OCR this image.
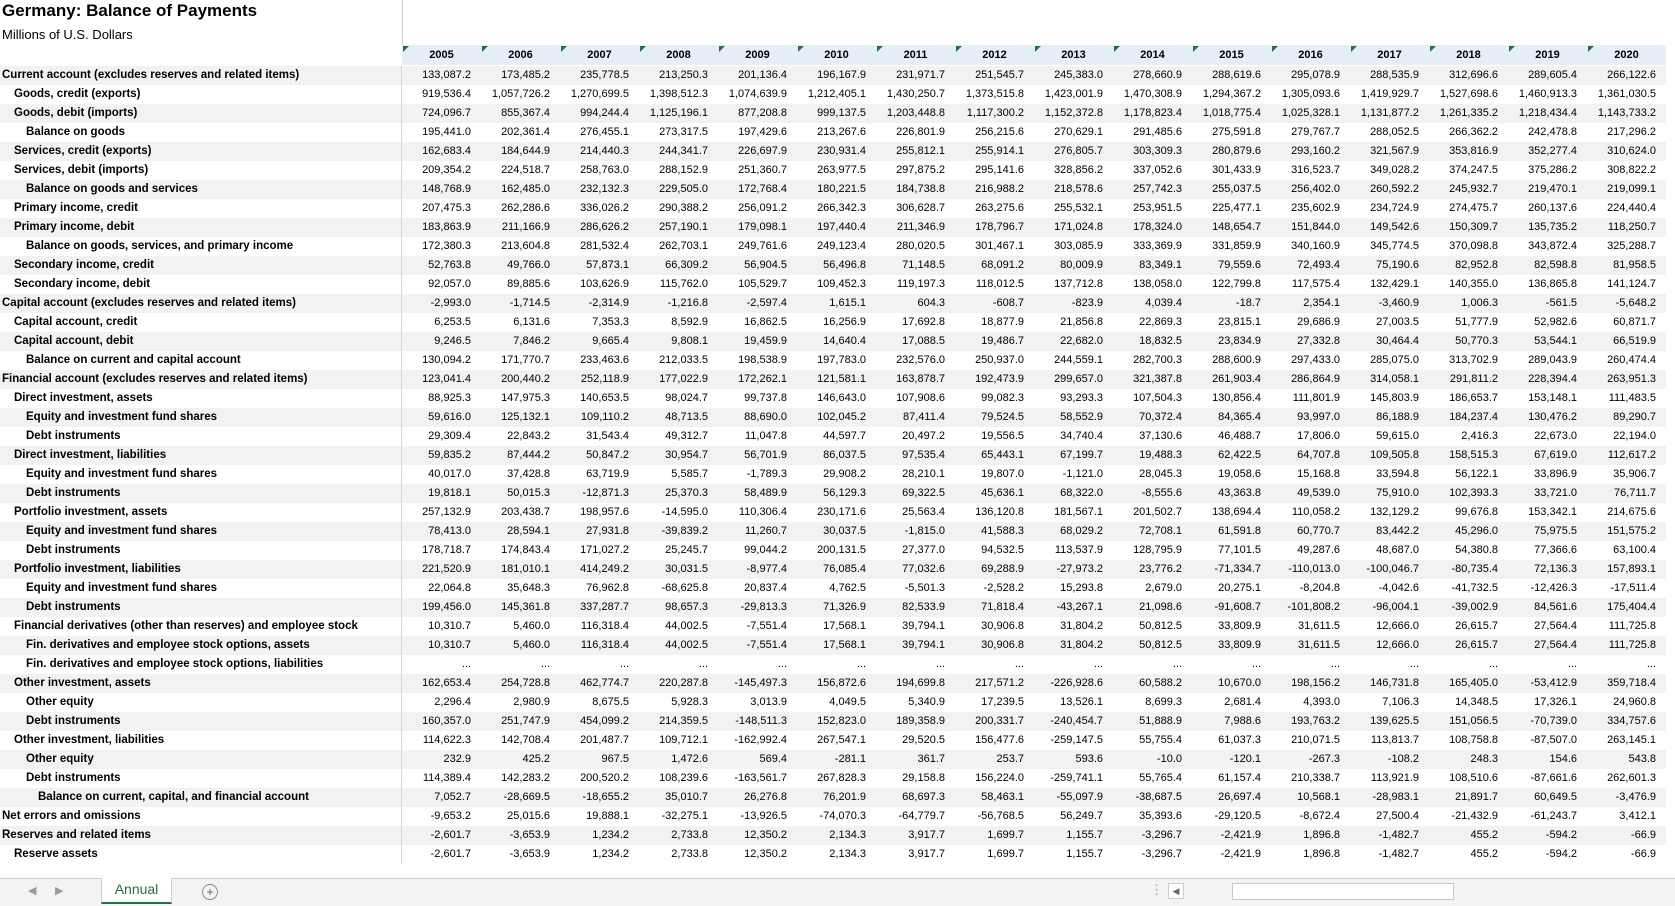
Germany: Balance of Payments
Millions of U.S. Dollars
2005	2006	2007	2008	2009	2010	2011	2012	2013	2014	2015	2016	2017	2018	2019	2020
Current account (excludes reserves and related items)	133,087.2	173,485.2	235,778.5	213,250.3	201,136.4	196,167.9	231,971.7	251,545.7	245,383.0	278,660.9	288,619.6	295,078.9	288,535.9	312,696.6	289,605.4	266,122.6
Goods, credit (exports)	919,536.4	1,057,726.2	1,270,699.5	1,398,512.3	1,074,639.9	1,212,405.1	1,430,250.7	1,373,515.8	1,423,001.9	1,470,308.9	1,294,367.2	1,305,093.6	1,419,929.7	1,527,698.6	1,460,913.3	1,361,030.5
Goods, debit (imports)	724,096.7	855,367.4	994,244.4	1,125,196.1	877,208.8	999,137.5	1,203,448.8	1,117,300.2	1,152,372.8	1,178,823.4	1,018,775.4	1,025,328.1	1,131,877.2	1,261,335.2	1,218,434.4	1,143,733.2
Balance on goods	195,441.0	202,361.4	276,455.1	273,317.5	197,429.6	213,267.6	226,801.9	256,215.6	270,629.1	291,485.6	275,591.8	279,767.7	288,052.5	266,362.2	242,478.8	217,296.2
Services, credit (exports)	162,683.4	184,644.9	214,440.3	244,341.7	226,697.9	230,931.4	255,812.1	255,914.1	276,805.7	303,309.3	280,879.6	293,160.2	321,567.9	353,816.9	352,277.4	310,624.0
Services, debit (imports)	209,354.2	224,518.7	258,763.0	288,152.9	251,360.7	263,977.5	297,875.2	295,141.6	328,856.2	337,052.6	301,433.9	316,523.7	349,028.2	374,247.5	375,286.2	308,822.2
Balance on goods and services	148,768.9	162,485.0	232,132.3	229,505.0	172,768.4	180,221.5	184,738.8	216,988.2	218,578.6	257,742.3	255,037.5	256,402.0	260,592.2	245,932.7	219,470.1	219,099.1
Primary income, credit	207,475.3	262,286.6	336,026.2	290,388.2	256,091.2	266,342.3	306,628.7	263,275.6	255,532.1	253,951.5	225,477.1	235,602.9	234,724.9	274,475.7	260,137.6	224,440.4
Primary income, debit	183,863.9	211,166.9	286,626.2	257,190.1	179,098.1	197,440.4	211,346.9	178,796.7	171,024.8	178,324.0	148,654.7	151,844.0	149,542.6	150,309.7	135,735.2	118,250.7
Balance on goods, services, and primary income	172,380.3	213,604.8	281,532.4	262,703.1	249,761.6	249,123.4	280,020.5	301,467.1	303,085.9	333,369.9	331,859.9	340,160.9	345,774.5	370,098.8	343,872.4	325,288.7
Secondary income, credit	52,763.8	49,766.0	57,873.1	66,309.2	56,904.5	56,496.8	71,148.5	68,091.2	80,009.9	83,349.1	79,559.6	72,493.4	75,190.6	82,952.8	82,598.8	81,958.5
Secondary income, debit	92,057.0	89,885.6	103,626.9	115,762.0	105,529.7	109,452.3	119,197.3	118,012.5	137,712.8	138,058.0	122,799.8	117,575.4	132,429.1	140,355.0	136,865.8	141,124.7
Capital account (excludes reserves and related items)	-2,993.0	-1,714.5	-2,314.9	-1,216.8	-2,597.4	1,615.1	604.3	-608.7	-823.9	4,039.4	-18.7	2,354.1	-3,460.9	1,006.3	-561.5	-5,648.2
Capital account, credit	6,253.5	6,131.6	7,353.3	8,592.9	16,862.5	16,256.9	17,692.8	18,877.9	21,856.8	22,869.3	23,815.1	29,686.9	27,003.5	51,777.9	52,982.6	60,871.7
Capital account, debit	9,246.5	7,846.2	9,665.4	9,808.1	19,459.9	14,640.4	17,088.5	19,486.7	22,682.0	18,832.5	23,834.9	27,332.8	30,464.4	50,770.3	53,544.1	66,519.9
Balance on current and capital account	130,094.2	171,770.7	233,463.6	212,033.5	198,538.9	197,783.0	232,576.0	250,937.0	244,559.1	282,700.3	288,600.9	297,433.0	285,075.0	313,702.9	289,043.9	260,474.4
Financial account (excludes reserves and related items)	123,041.4	200,440.2	252,118.9	177,022.9	172,262.1	121,581.1	163,878.7	192,473.9	299,657.0	321,387.8	261,903.4	286,864.9	314,058.1	291,811.2	228,394.4	263,951.3
Direct investment, assets	88,925.3	147,975.3	140,653.5	98,024.7	99,737.8	146,643.0	107,908.6	99,082.3	93,293.3	107,504.3	130,856.4	111,801.9	145,803.9	186,653.7	153,148.1	111,483.5
Equity and investment fund shares	59,616.0	125,132.1	109,110.2	48,713.5	88,690.0	102,045.2	87,411.4	79,524.5	58,552.9	70,372.4	84,365.4	93,997.0	86,188.9	184,237.4	130,476.2	89,290.7
Debt instruments	29,309.4	22,843.2	31,543.4	49,312.7	11,047.8	44,597.7	20,497.2	19,556.5	34,740.4	37,130.6	46,488.7	17,806.0	59,615.0	2,416.3	22,673.0	22,194.0
Direct investment, liabilities	59,835.2	87,444.2	50,847.2	30,954.7	56,701.9	86,037.5	97,535.4	65,443.1	67,199.7	19,488.3	62,422.5	64,707.8	109,505.8	158,515.3	67,619.0	112,617.2
Equity and investment fund shares	40,017.0	37,428.8	63,719.9	5,585.7	-1,789.3	29,908.2	28,210.1	19,807.0	-1,121.0	28,045.3	19,058.6	15,168.8	33,594.8	56,122.1	33,896.9	35,906.7
Debt instruments	19,818.1	50,015.3	-12,871.3	25,370.3	58,489.9	56,129.3	69,322.5	45,636.1	68,322.0	-8,555.6	43,363.8	49,539.0	75,910.0	102,393.3	33,721.0	76,711.7
Portfolio investment, assets	257,132.9	203,438.7	198,957.6	-14,595.0	110,306.4	230,171.6	25,563.4	136,120.8	181,567.1	201,502.7	138,694.4	110,058.2	132,129.2	99,676.8	153,342.1	214,675.6
Equity and investment fund shares	78,413.0	28,594.1	27,931.8	-39,839.2	11,260.7	30,037.5	-1,815.0	41,588.3	68,029.2	72,708.1	61,591.8	60,770.7	83,442.2	45,296.0	75,975.5	151,575.2
Debt instruments	178,718.7	174,843.4	171,027.2	25,245.7	99,044.2	200,131.5	27,377.0	94,532.5	113,537.9	128,795.9	77,101.5	49,287.6	48,687.0	54,380.8	77,366.6	63,100.4
Portfolio investment, liabilities	221,520.9	181,010.1	414,249.2	30,031.5	-8,977.4	76,085.4	77,032.6	69,288.9	-27,973.2	23,776.2	-71,334.7	-110,013.0	-100,046.7	-80,735.4	72,136.3	157,893.1
Equity and investment fund shares	22,064.8	35,648.3	76,962.8	-68,625.8	20,837.4	4,762.5	-5,501.3	-2,528.2	15,293.8	2,679.0	20,275.1	-8,204.8	-4,042.6	-41,732.5	-12,426.3	-17,511.4
Debt instruments	199,456.0	145,361.8	337,287.7	98,657.3	-29,813.3	71,326.9	82,533.9	71,818.4	-43,267.1	21,098.6	-91,608.7	-101,808.2	-96,004.1	-39,002.9	84,561.6	175,404.4
Financial derivatives (other than reserves) and employee stock	10,310.7	5,460.0	116,318.4	44,002.5	-7,551.4	17,568.1	39,794.1	30,906.8	31,804.2	50,812.5	33,809.9	31,611.5	12,666.0	26,615.7	27,564.4	111,725.8
Fin. derivatives and employee stock options, assets	10,310.7	5,460.0	116,318.4	44,002.5	-7,551.4	17,568.1	39,794.1	30,906.8	31,804.2	50,812.5	33,809.9	31,611.5	12,666.0	26,615.7	27,564.4	111,725.8
Fin. derivatives and employee stock options, liabilities	...	...	...	...	...	...	...	...	...	...	...	...	...	...	...	...
Other investment, assets	162,653.4	254,728.8	462,774.7	220,287.8	-145,497.3	156,872.6	194,699.8	217,571.2	-226,928.6	60,588.2	10,670.0	198,156.2	146,731.8	165,405.0	-53,412.9	359,718.4
Other equity	2,296.4	2,980.9	8,675.5	5,928.3	3,013.9	4,049.5	5,340.9	17,239.5	13,526.1	8,699.3	2,681.4	4,393.0	7,106.3	14,348.5	17,326.1	24,960.8
Debt instruments	160,357.0	251,747.9	454,099.2	214,359.5	-148,511.3	152,823.0	189,358.9	200,331.7	-240,454.7	51,888.9	7,988.6	193,763.2	139,625.5	151,056.5	-70,739.0	334,757.6
Other investment, liabilities	114,622.3	142,708.4	201,487.7	109,712.1	-162,992.4	267,547.1	29,520.5	156,477.6	-259,147.5	55,755.4	61,037.3	210,071.5	113,813.7	108,758.8	-87,507.0	263,145.1
Other equity	232.9	425.2	967.5	1,472.6	569.4	-281.1	361.7	253.7	593.6	-10.0	-120.1	-267.3	-108.2	248.3	154.6	543.8
Debt instruments	114,389.4	142,283.2	200,520.2	108,239.6	-163,561.7	267,828.3	29,158.8	156,224.0	-259,741.1	55,765.4	61,157.4	210,338.7	113,921.9	108,510.6	-87,661.6	262,601.3
Balance on current, capital, and financial account	7,052.7	-28,669.5	-18,655.2	35,010.7	26,276.8	76,201.9	68,697.3	58,463.1	-55,097.9	-38,687.5	26,697.4	10,568.1	-28,983.1	21,891.7	60,649.5	-3,476.9
Net errors and omissions	-9,653.2	25,015.6	19,888.1	-32,275.1	-13,926.5	-74,070.3	-64,779.7	-56,768.5	56,249.7	35,393.6	-29,120.5	-8,672.4	27,500.4	-21,432.9	-61,243.7	3,412.1
Reserves and related items	-2,601.7	-3,653.9	1,234.2	2,733.8	12,350.2	2,134.3	3,917.7	1,699.7	1,155.7	-3,296.7	-2,421.9	1,896.8	-1,482.7	455.2	-594.2	-66.9
Reserve assets	-2,601.7	-3,653.9	1,234.2	2,733.8	12,350.2	2,134.3	3,917.7	1,699.7	1,155.7	-3,296.7	-2,421.9	1,896.8	-1,482.7	455.2	-594.2	-66.9
◀ ▶	Annual	+	⋮	◀
